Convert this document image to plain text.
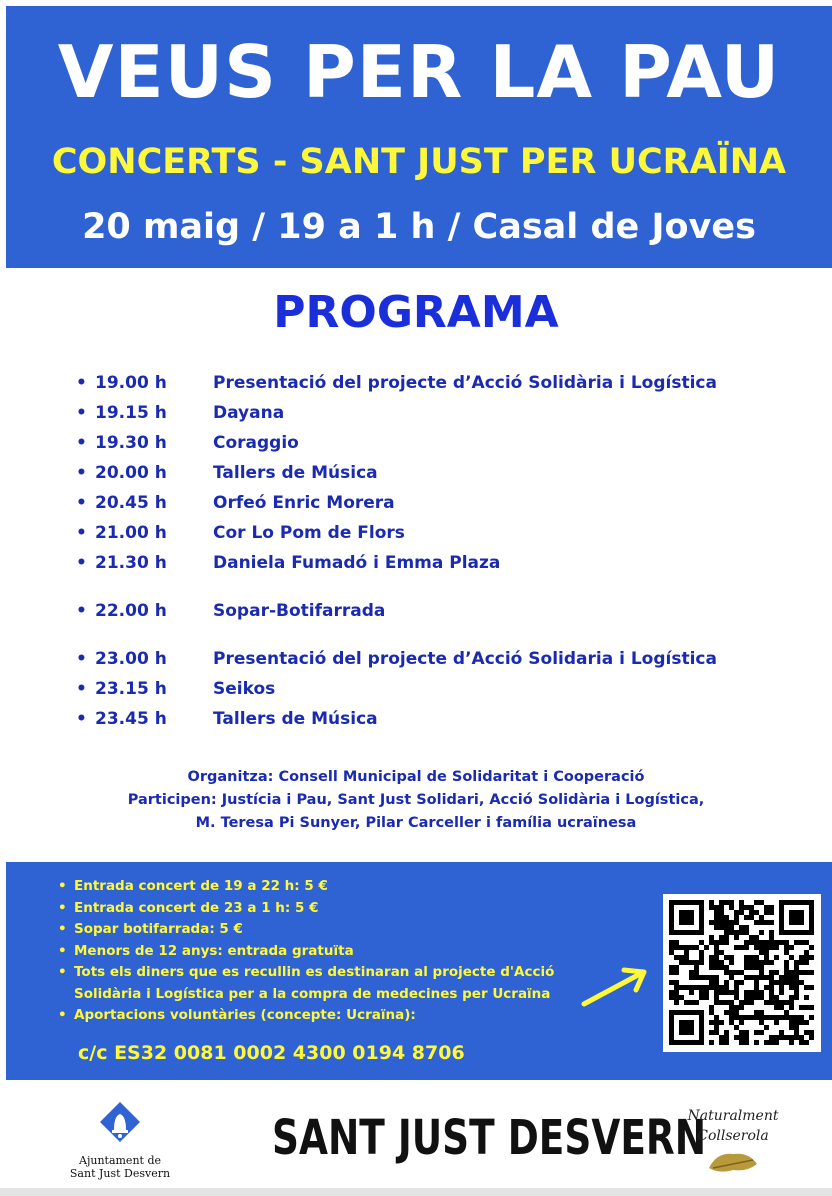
VEUS PER LA PAU
CONCERTS - SANT JUST PER UCRAÏNA
20 maig / 19 a 1 h / Casal de Joves
PROGRAMA
• 19.00 h	Presentació del projecte d’Acció Solidària i Logística
• 19.15 h	Dayana
• 19.30 h	Coraggio
• 20.00 h	Tallers de Música
• 20.45 h	Orfeó Enric Morera
• 21.00 h	Cor Lo Pom de Flors
• 21.30 h	Daniela Fumadó i Emma Plaza
• 22.00 h	Sopar-Botifarrada
• 23.00 h	Presentació del projecte d’Acció Solidaria i Logística
• 23.15 h	Seikos
• 23.45 h	Tallers de Música
Organitza: Consell Municipal de Solidaritat i Cooperació
Participen: Justícia i Pau, Sant Just Solidari, Acció Solidària i Logística,
M. Teresa Pi Sunyer, Pilar Carceller i família ucraïnesa
• Entrada concert de 19 a 22 h: 5 €
• Entrada concert de 23 a 1 h: 5 €
• Sopar botifarrada: 5 €
• Menors de 12 anys: entrada gratuïta
• Tots els diners que es recullin es destinaran al projecte d'Acció
Solidària i Logística per a la compra de medecines per Ucraïna
• Aportacions voluntàries (concepte: Ucraïna):
c/c ES32 0081 0002 4300 0194 8706
Ajuntament de
Sant Just Desvern
SANT JUST DESVERN
Naturalment
Collserola
